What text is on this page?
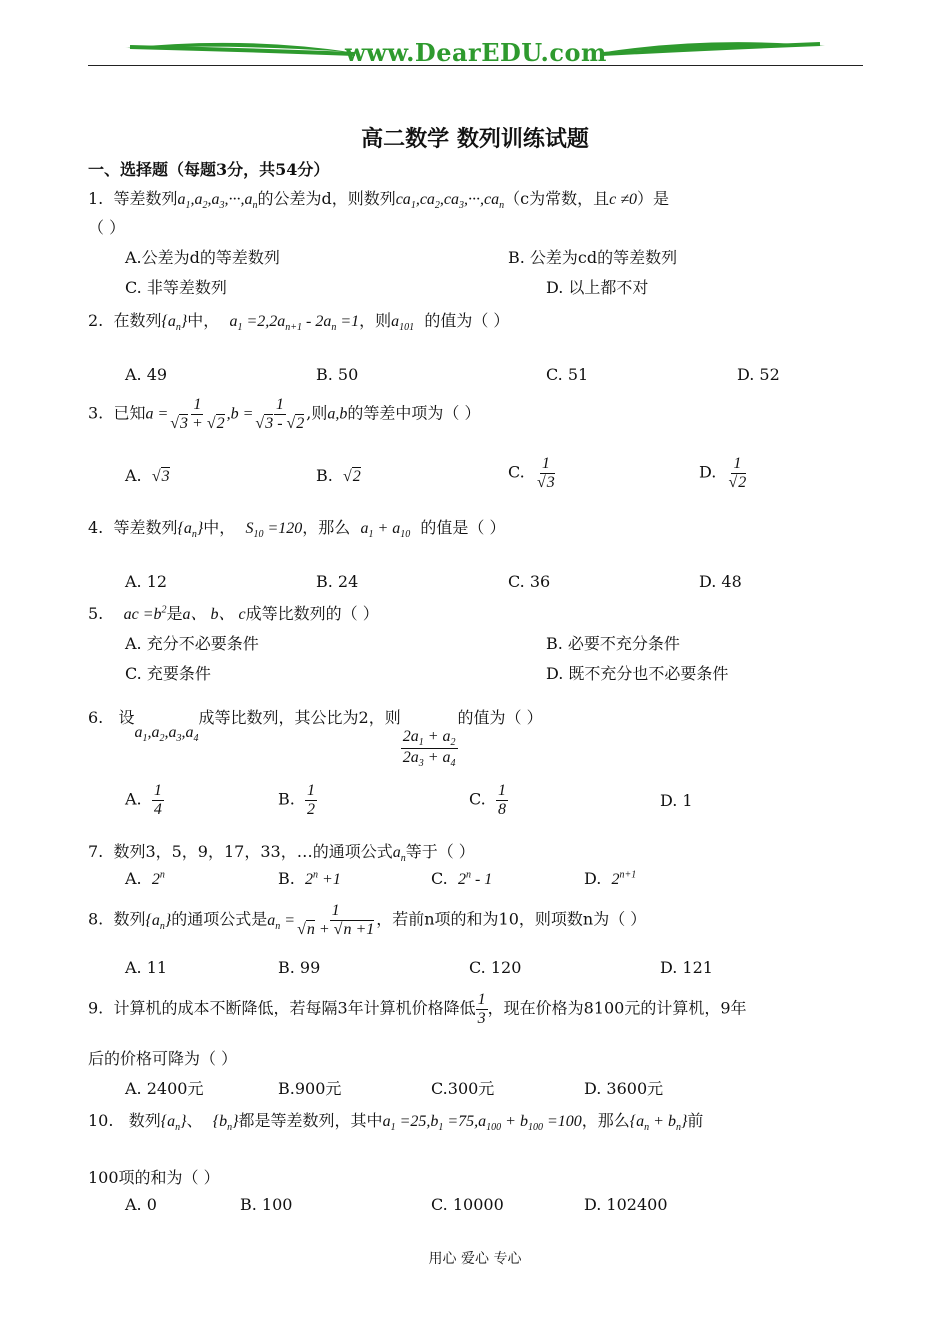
www.DearEDU.com
高二数学 数列训练试题
一、选择题（每题3分，共54分）
1. 等差数列$a_1,a_2,a_3,\cdot\cdot\cdot,a_n$的公差为d，则数列$ca_1,ca_2,ca_3,\cdot\cdot\cdot,ca_n(c$为常数，且c ≠0）是
（ ）
A.公差为d的等差数列	B. 公差为cd的等差数列
C. 非等差数列	D. 以上都不对
2. 在数列$\{a_n\}$中， $a_1 =2,2a_{n+1} - 2a_n =1$，则$a_{101}$ 的值为（ ）
A. 49	B. 50	C. 51	D. 52
3. 已知a = 1
√ 3 + √ 2 ,b = 1
√ 3 - √ 2 ,则a,b的等差中项为（ ）
A. √ 3	B. √ 2	C. 1
√ 3	D. 1
√ 2
4. 等差数列$\{a_n\}$中， $S_{10} =120$，那么 $a_1 + a_{10}$ 的值是（ ）
A. 12	B. 24	C. 36	D. 48
5. ac $=b^2$是a、 b、 c成等比数列的（ ）
A. 充分不必要条件	B. 必要不充分条件
C. 充要条件	D. 既不充分也不必要条件
6. 设$a_1,a_2,a_3,a_4$成等比数列，其公比为2，则
$\frac{2a_1 + a_2}{2a_3 + a_4}$
的值为（ ）
A. $\frac{1}{4}$	B. $\frac{1}{2}$	C. $\frac{1}{8}$	D. 1
7. 数列3，5，9，17，33，…的通项公式$a_n$等于（ ）
A. 2$^n$	B. $2^n +1$	C. 2$^n$ - 1	D. $2^{n+1}$
8. 数列$\{a_n\}$的通项公式是$a_n = 1$
√ n + √ n +1 ，若前n项的和为10，则项数n为（ ）
A. 11	B. 99	C. 120	D. 121
9. 计算机的成本不断降低，若每隔3年计算机价格降低 $\frac{1}{3}$ ，现在价格为8100元的计算机，9年
后的价格可降为（ ）
A. 2400元	B.900元	C.300元	D. 3600元
10. 数列$\{a_n\}$、 $\{b_n\}$都是等差数列，其中$a_1 =25,b_1 =75,a_{100} + b_{100} =100$，那么$\{a_n + b_n\}$前
100项的和为（ ）
A. 0	B. 100	C. 10000	D. 102400
用心 爱心 专心
